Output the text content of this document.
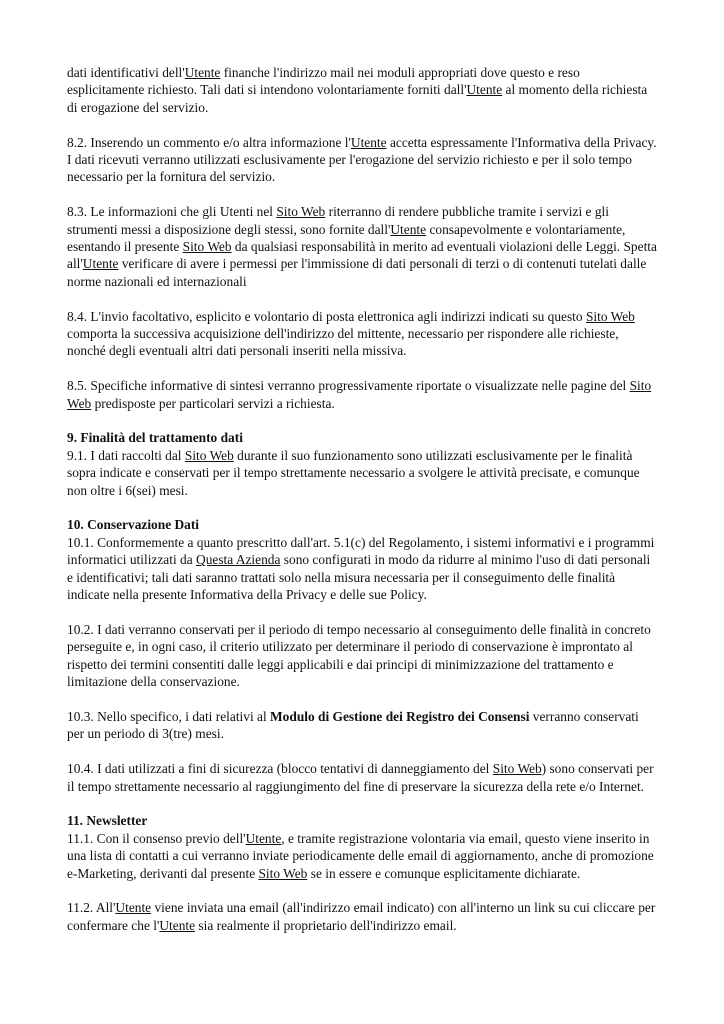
dati identificativi dell'Utente finanche l'indirizzo mail nei moduli appropriati dove questo e reso esplicitamente richiesto. Tali dati si intendono volontariamente forniti dall'Utente al momento della richiesta di erogazione del servizio.

8.2. Inserendo un commento e/o altra informazione l'Utente accetta espressamente l'Informativa della Privacy. I dati ricevuti verranno utilizzati esclusivamente per l'erogazione del servizio richiesto e per il solo tempo necessario per la fornitura del servizio.

8.3. Le informazioni che gli Utenti nel Sito Web riterranno di rendere pubbliche tramite i servizi e gli strumenti messi a disposizione degli stessi, sono fornite dall'Utente consapevolmente e volontariamente, esentando il presente Sito Web da qualsiasi responsabilità in merito ad eventuali violazioni delle Leggi. Spetta all'Utente verificare di avere i permessi per l'immissione di dati personali di terzi o di contenuti tutelati dalle norme nazionali ed internazionali

8.4. L'invio facoltativo, esplicito e volontario di posta elettronica agli indirizzi indicati su questo Sito Web comporta la successiva acquisizione dell'indirizzo del mittente, necessario per rispondere alle richieste, nonché degli eventuali altri dati personali inseriti nella missiva.

8.5. Specifiche informative di sintesi verranno progressivamente riportate o visualizzate nelle pagine del Sito Web predisposte per particolari servizi a richiesta.

9. Finalità del trattamento dati

9.1. I dati raccolti dal Sito Web durante il suo funzionamento sono utilizzati esclusivamente per le finalità sopra indicate e conservati per il tempo strettamente necessario a svolgere le attività precisate, e comunque non oltre i 6(sei) mesi.

10. Conservazione Dati

10.1. Conformemente a quanto prescritto dall'art. 5.1(c) del Regolamento, i sistemi informativi e i programmi informatici utilizzati da Questa Azienda sono configurati in modo da ridurre al minimo l'uso di dati personali e identificativi; tali dati saranno trattati solo nella misura necessaria per il conseguimento delle finalità indicate nella presente Informativa della Privacy e delle sue Policy.

10.2. I dati verranno conservati per il periodo di tempo necessario al conseguimento delle finalità in concreto perseguite e, in ogni caso, il criterio utilizzato per determinare il periodo di conservazione è improntato al rispetto dei termini consentiti dalle leggi applicabili e dai principi di minimizzazione del trattamento e limitazione della conservazione.

10.3. Nello specifico, i dati relativi al Modulo di Gestione dei Registro dei Consensi verranno conservati per un periodo di 3(tre) mesi.

10.4. I dati utilizzati a fini di sicurezza (blocco tentativi di danneggiamento del Sito Web) sono conservati per il tempo strettamente necessario al raggiungimento del fine di preservare la sicurezza della rete e/o Internet.

11. Newsletter

11.1. Con il consenso previo dell'Utente, e tramite registrazione volontaria via email, questo viene inserito in una lista di contatti a cui verranno inviate periodicamente delle email di aggiornamento, anche di promozione e-Marketing, derivanti dal presente Sito Web se in essere e comunque esplicitamente dichiarate.

11.2. All'Utente viene inviata una email (all'indirizzo email indicato) con all'interno un link su cui cliccare per confermare che l'Utente sia realmente il proprietario dell'indirizzo email.
